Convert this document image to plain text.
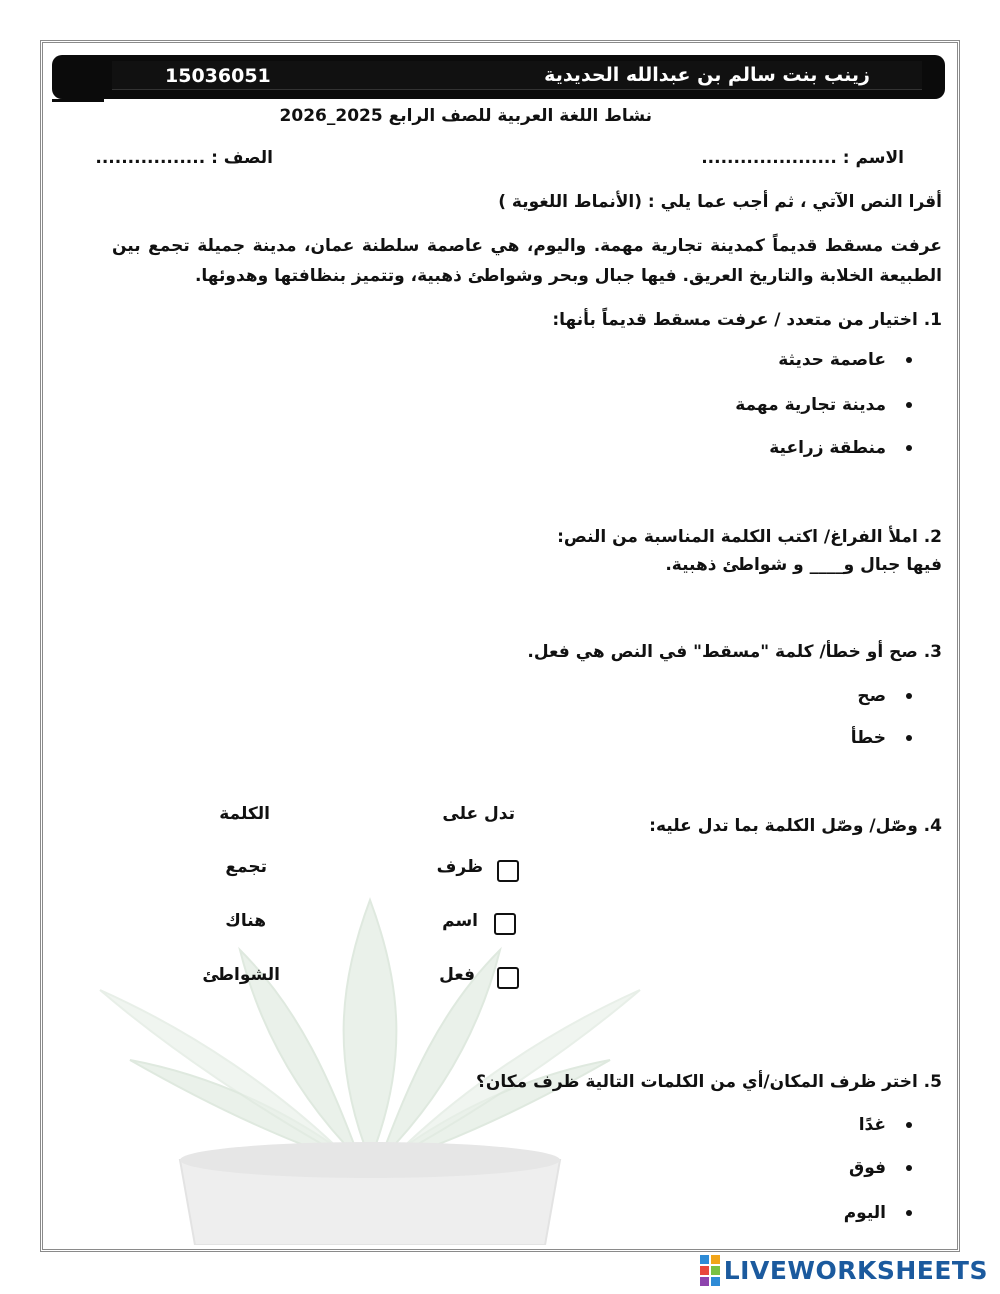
15036051	زينب بنت سالم بن عبدالله الحديدية
نشاط اللغة العربية للصف الرابع 2025_2026
الاسم : .....................
الصف : .................
أقرا النص الآتي ، ثم أجب عما يلي : (الأنماط اللغوية )
عرفت مسقط قديماً كمدينة تجارية مهمة. واليوم، هي عاصمة سلطنة عمان، مدينة جميلة تجمع بين الطبيعة الخلابة والتاريخ العريق. فيها جبال وبحر وشواطئ ذهبية، وتتميز بنظافتها وهدوئها.
1. اختيار من متعدد / عرفت مسقط قديماً بأنها:
عاصمة حديثة
مدينة تجارية مهمة
منطقة زراعية
2. املأ الفراغ/ اكتب الكلمة المناسبة من النص:
فيها جبال و____ و شواطئ ذهبية.
3. صح أو خطأ/ كلمة "مسقط" في النص هي فعل.
صح
خطأ
4. وصّل/ وصّل الكلمة بما تدل عليه:
تدل على
الكلمة
ظرف
اسم
فعل
تجمع
هناك
الشواطئ
5. اختر ظرف المكان/أي من الكلمات التالية ظرف مكان؟
غدًا
فوق
اليوم
LIVEWORKSHEETS
